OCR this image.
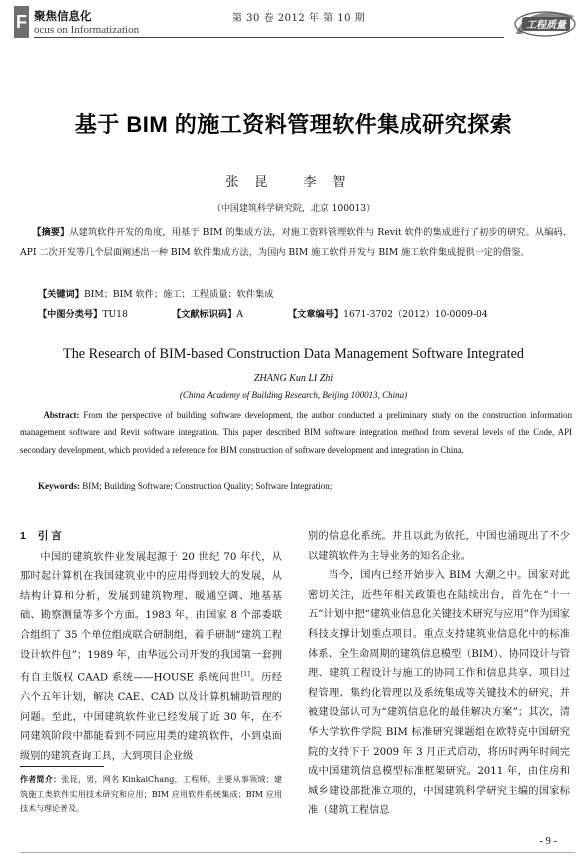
F 聚焦信息化
ocus on Informatization
第 30 卷 2012 年 第 10 期
工程质量
基于 BIM 的施工资料管理软件集成研究探索
张昆 李智
（中国建筑科学研究院，北京 100013）
【摘要】从建筑软件开发的角度，用基于 BIM 的集成方法，对施工资料管理软件与 Revit 软件的集成进行了初步的研究。从编码、API 二次开发等几个层面阐述出一种 BIM 软件集成方法，为国内 BIM 施工软件开发与 BIM 施工软件集成提供一定的借鉴。
【关键词】BIM；BIM 软件；施工；工程质量；软件集成
【中图分类号】TU18	【文献标识码】A	【文章编号】1671-3702（2012）10-0009-04
The Research of BIM-based Construction Data Management Software Integrated
ZHANG Kun LI Zhi
(China Academy of Building Research, Beijing 100013, China)
Abstract: From the perspective of building software development, the author conducted a preliminary study on the construction information management software and Revit software integration. This paper described BIM software integration method from several levels of the Code, API secondary development, which provided a reference for BIM construction of software development and integration in China.
Keywords: BIM; Building Software; Construction Quality; Software Integration;
1 引 言

中国的建筑软件业发展起源于 20 世纪 70 年代，从那时起计算机在我国建筑业中的应用得到较大的发展，从结构计算和分析，发展到建筑物理、暖通空调、地基基础、勘察测量等多个方面。1983 年，由国家 8 个部委联合组织了 35 个单位组成联合研制组，着手研制“建筑工程设计软件包”；1989 年，由华远公司开发的我国第一套拥有自主版权 CAAD 系统——HOUSE 系统问世[1]。历经六个五年计划，解决 CAE、CAD 以及计算机辅助管理的问题。至此，中国建筑软件业已经发展了近 30 年，在不同建筑阶段中都能看到不同应用类的建筑软件，小到桌面级别的建筑查询工具，大到项目企业级

别的信息化系统。并且以此为依托，中国也涌现出了不少以建筑软件为主导业务的知名企业。

当今，国内已经开始步入 BIM 大潮之中。国家对此密切关注，近些年相关政策也在陆续出台，首先在“十一五”计划中把“建筑业信息化关键技术研究与应用”作为国家科技支撑计划重点项目。重点支持建筑业信息化中的标准体系、全生命周期的建筑信息模型（BIM）、协同设计与管理、建筑工程设计与施工的协同工作和信息共享、项目过程管理、集约化管理以及系统集成等关键技术的研究，并被建设部认可为“建筑信息化的最佳解决方案”；其次，清华大学软件学院 BIM 标准研究课题组在欧特克中国研究院的支持下于 2009 年 3 月正式启动，将历时两年时间完成中国建筑信息模型标准框架研究。2011 年，由住房和城乡建设部批准立项的，中国建筑科学研究主编的国家标准（建筑工程信息

作者简介：张昆，男，网名 KinkaiChang，工程师，主要从事领域：建筑施工类软件实用技术研究和应用；BIM 应用软件系统集成；BIM 应用技术与理论普及。
- 9 -
